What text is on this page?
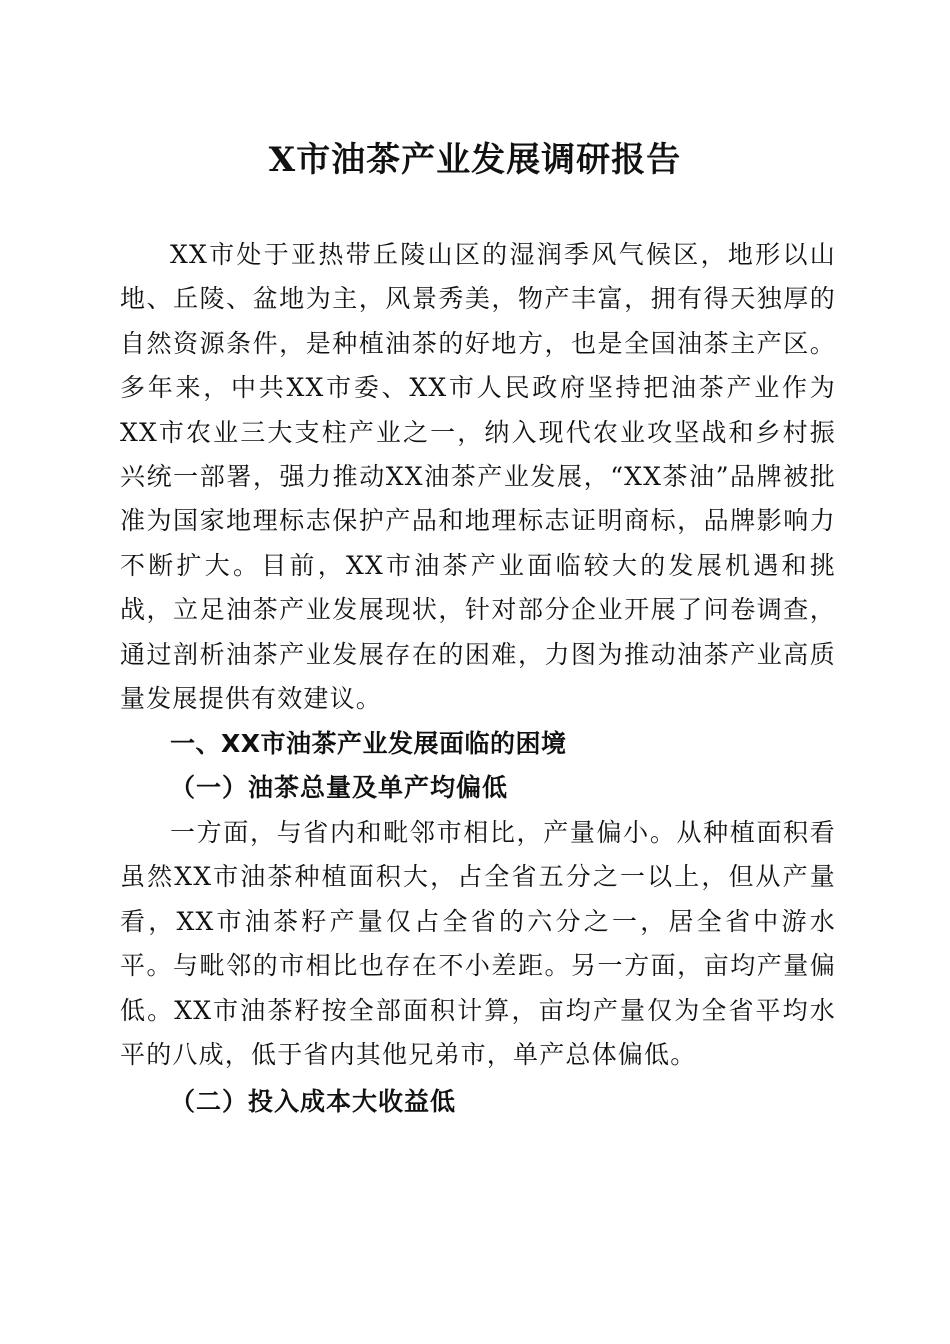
X市油茶产业发展调研报告

XX市处于亚热带丘陵山区的湿润季风气候区，地形以山地、丘陵、盆地为主，风景秀美，物产丰富，拥有得天独厚的自然资源条件，是种植油茶的好地方，也是全国油茶主产区。多年来，中共XX市委、XX市人民政府坚持把油茶产业作为XX市农业三大支柱产业之一，纳入现代农业攻坚战和乡村振兴统一部署，强力推动XX油茶产业发展，“XX茶油”品牌被批准为国家地理标志保护产品和地理标志证明商标，品牌影响力不断扩大。目前，XX市油茶产业面临较大的发展机遇和挑战，立足油茶产业发展现状，针对部分企业开展了问卷调查，通过剖析油茶产业发展存在的困难，力图为推动油茶产业高质量发展提供有效建议。

一、XX市油茶产业发展面临的困境
（一）油茶总量及单产均偏低

一方面，与省内和毗邻市相比，产量偏小。从种植面积看虽然XX市油茶种植面积大，占全省五分之一以上，但从产量看，XX市油茶籽产量仅占全省的六分之一，居全省中游水平。与毗邻的市相比也存在不小差距。另一方面，亩均产量偏低。XX市油茶籽按全部面积计算，亩均产量仅为全省平均水平的八成，低于省内其他兄弟市，单产总体偏低。

（二）投入成本大收益低
